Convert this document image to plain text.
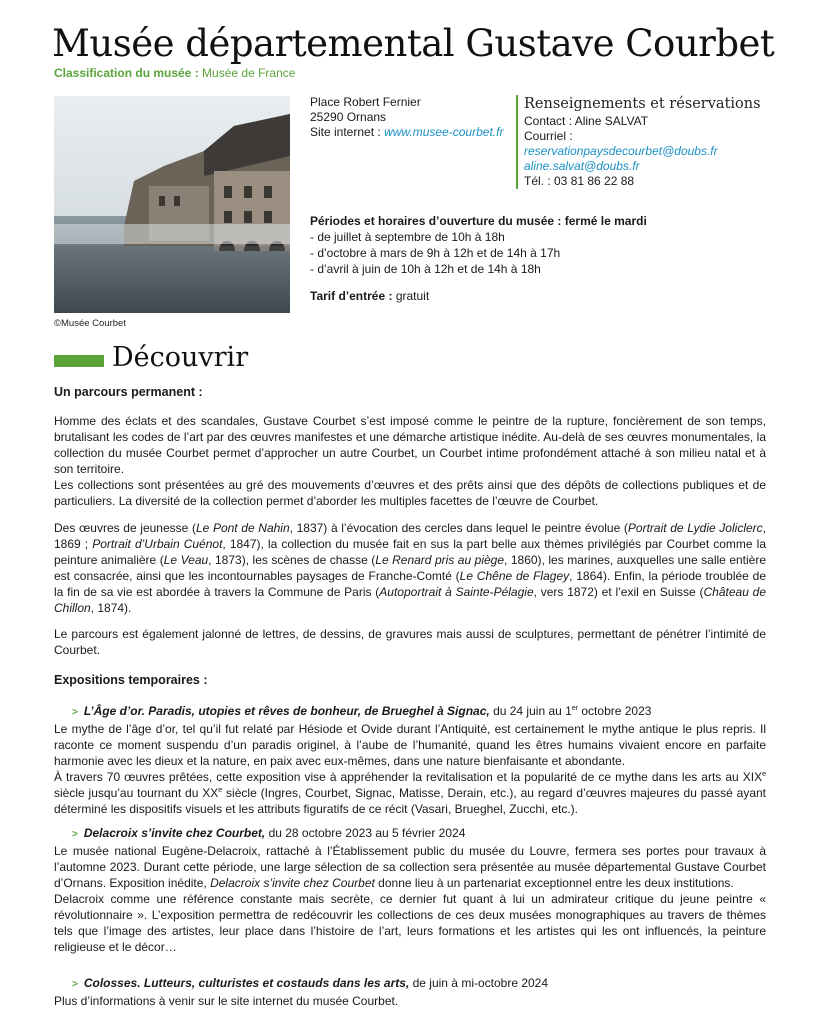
Musée départemental Gustave Courbet
Classification du musée : Musée de France
©Musée Courbet
Place Robert Fernier
25290 Ornans
Site internet : www.musee-courbet.fr
Renseignements et réservations
Contact : Aline SALVAT
Courriel :
reservationpaysdecourbet@doubs.fr
aline.salvat@doubs.fr
Tél. : 03 81 86 22 88
Périodes et horaires d’ouverture du musée : fermé le mardi
- de juillet à septembre de 10h à 18h
- d’octobre à mars de 9h à 12h et de 14h à 17h
- d’avril à juin de 10h à 12h et de 14h à 18h
Tarif d’entrée : gratuit
Découvrir
Un parcours permanent :

Homme des éclats et des scandales, Gustave Courbet s’est imposé comme le peintre de la rupture, foncièrement de son temps, brutalisant les codes de l’art par des œuvres manifestes et une démarche artistique inédite. Au-delà de ses œuvres monumentales, la collection du musée Courbet permet d’approcher un autre Courbet, un Courbet intime profondément attaché à son milieu natal et à son territoire.

Les collections sont présentées au gré des mouvements d’œuvres et des prêts ainsi que des dépôts de collections publiques et de particuliers. La diversité de la collection permet d’aborder les multiples facettes de l’œuvre de Courbet.

Des œuvres de jeunesse (Le Pont de Nahin, 1837) à l’évocation des cercles dans lequel le peintre évolue (Portrait de Lydie Joliclerc, 1869 ; Portrait d’Urbain Cuénot, 1847), la collection du musée fait en sus la part belle aux thèmes privilégiés par Courbet comme la peinture animalière (Le Veau, 1873), les scènes de chasse (Le Renard pris au piège, 1860), les marines, auxquelles une salle entière est consacrée, ainsi que les incontournables paysages de Franche-Comté (Le Chêne de Flagey, 1864). Enfin, la période troublée de la fin de sa vie est abordée à travers la Commune de Paris (Autoportrait à Sainte-Pélagie, vers 1872) et l’exil en Suisse (Château de Chillon, 1874).

Le parcours est également jalonné de lettres, de dessins, de gravures mais aussi de sculptures, permettant de pénétrer l’intimité de Courbet.

Expositions temporaires :

> L’Âge d’or. Paradis, utopies et rêves de bonheur, de Brueghel à Signac, du 24 juin au 1er octobre 2023

Le mythe de l’âge d’or, tel qu’il fut relaté par Hésiode et Ovide durant l’Antiquité, est certainement le mythe antique le plus repris. Il raconte ce moment suspendu d’un paradis originel, à l’aube de l’humanité, quand les êtres humains vivaient encore en parfaite harmonie avec les dieux et la nature, en paix avec eux-mêmes, dans une nature bienfaisante et abondante.

À travers 70 œuvres prêtées, cette exposition vise à appréhender la revitalisation et la popularité de ce mythe dans les arts au XIXe siècle jusqu’au tournant du XXe siècle (Ingres, Courbet, Signac, Matisse, Derain, etc.), au regard d’œuvres majeures du passé ayant déterminé les dispositifs visuels et les attributs figuratifs de ce récit (Vasari, Brueghel, Zucchi, etc.).

> Delacroix s’invite chez Courbet, du 28 octobre 2023 au 5 février 2024

Le musée national Eugène-Delacroix, rattaché à l’Établissement public du musée du Louvre, fermera ses portes pour travaux à l’automne 2023. Durant cette période, une large sélection de sa collection sera présentée au musée départemental Gustave Courbet d’Ornans. Exposition inédite, Delacroix s’invite chez Courbet donne lieu à un partenariat exceptionnel entre les deux institutions.

Delacroix comme une référence constante mais secrète, ce dernier fut quant à lui un admirateur critique du jeune peintre « révolutionnaire ». L’exposition permettra de redécouvrir les collections de ces deux musées monographiques au travers de thèmes tels que l’image des artistes, leur place dans l’histoire de l’art, leurs formations et les artistes qui les ont influencés, la peinture religieuse et le décor…

> Colosses. Lutteurs, culturistes et costauds dans les arts, de juin à mi-octobre 2024

Plus d’informations à venir sur le site internet du musée Courbet.
